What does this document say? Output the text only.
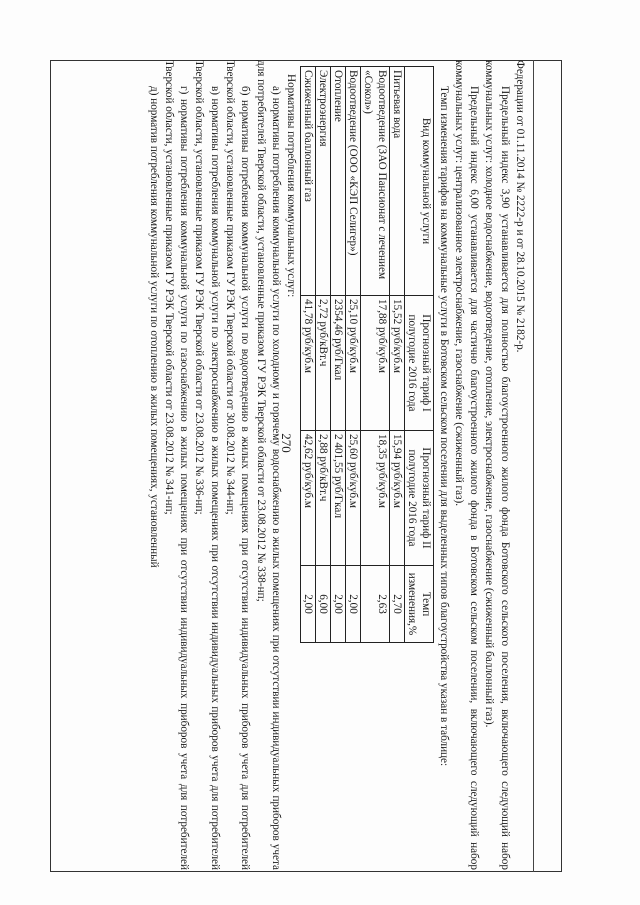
270

Федерации от 01.11.2014 № 2222-р и от 28.10.2015 № 2182-р.

Предельный индекс 3,90 устанавливается для полностью благоустроенного жилого фонда Ботовского сельского поселения, включающего следующий набор коммунальных услуг: холодное водоснабжение, водоотведение, отопление, электроснабжение, газоснабжение (сжиженный баллонный газ).

Предельный индекс 6,00 устанавливается для частично благоустроенного жилого фонда в Ботовском сельском поселении, включающего следующий набор коммунальных услуг: централизованное электроснабжение, газоснабжение (сжиженный газ).

Темп изменения тарифов на коммунальные услуги в Ботовском сельском поселении для выделенных типов благоустройства указан в таблице:

Вид коммунальной услуги	Прогнозный тариф I полугодие 2016 года	Прогнозный тариф II полугодие 2016 года	Темп изменения,%
Питьевая вода	15,52 руб/куб.м	15,94 руб/куб.м	2,70
Водоотведение (ЗАО Пансионат с лечением «Сокол»)	17,88 руб/куб.м	18,35 руб/куб.м	2,63
Водоотведение (ООО «КЭП Селигер»)	25,10 руб/куб.м	25,60 руб/куб.м	2,00
Отопление	2354,46 руб/Гкал	2 401,55 руб/Гкал	2,00
Электроэнергия	2,72 руб/кВт.ч	2,88 руб/кВт.ч	6,00
Сжиженный баллонный газ	41,78 руб/куб.м	42,62 руб/куб.м	2,00

Нормативы потребления коммунальных услуг:

а) нормативы потребления коммунальной услуги по холодному и горячему водоснабжению в жилых помещениях при отсутствии индивидуальных приборов учета для потребителей Тверской области, установленные приказом ГУ РЭК Тверской области от 23.08.2012 № 338-нп;

б) нормативы потребления коммунальной услуги по водоотведению в жилых помещениях при отсутствии индивидуальных приборов учета для потребителей Тверской области, установленные приказом ГУ РЭК Тверской области от 30.08.2012 № 344-нп;

в) нормативы потребления коммунальной услуги по электроснабжению в жилых помещениях при отсутствии индивидуальных приборов учета для потребителей Тверской области, установленные приказом ГУ РЭК Тверской области от 23.08.2012 № 336-нп;

г) нормативы потребления коммунальной услуги по газоснабжению в жилых помещениях при отсутствии индивидуальных приборов учета для потребителей Тверской области, установленные приказом ГУ РЭК Тверской области от 23.08.2012 № 341-нп;

д) норматив потребления коммунальной услуги по отоплению в жилых помещениях, установленный
